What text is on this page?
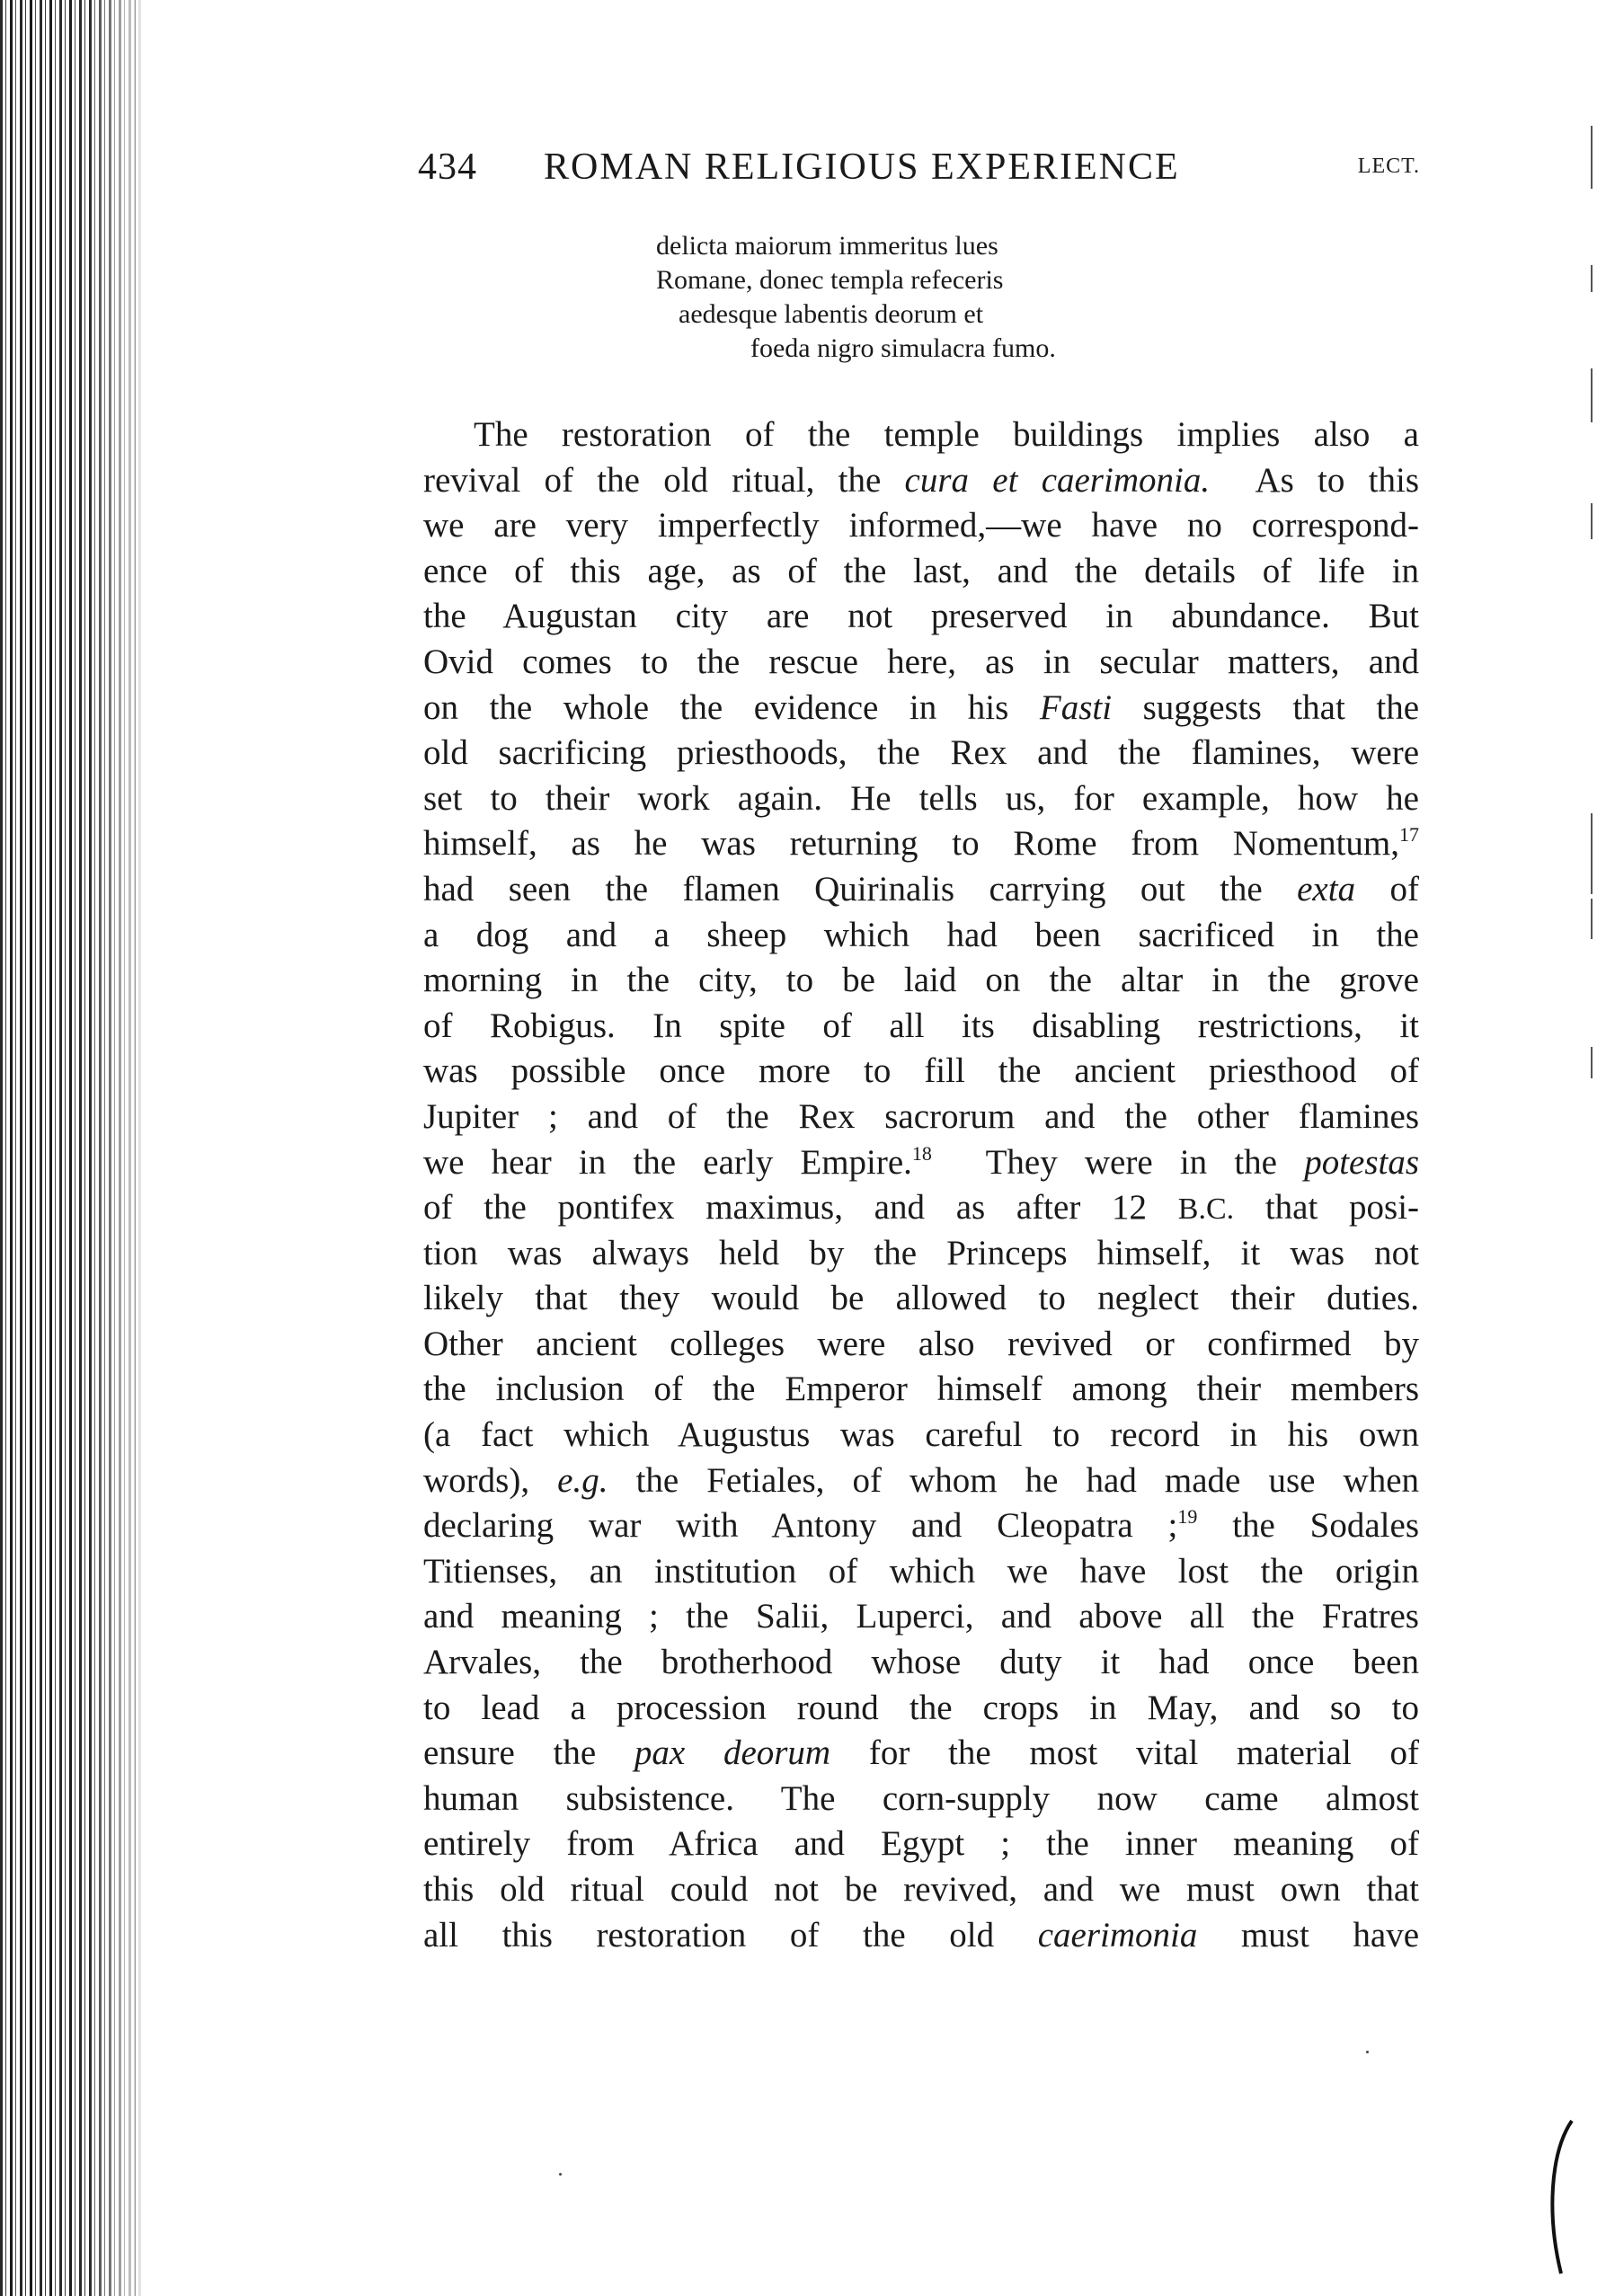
434 ROMAN RELIGIOUS EXPERIENCE	LECT.
delicta maiorum immeritus lues
Romane, donec templa refeceris
aedesque labentis deorum et
foeda nigro simulacra fumo.
The restoration of the temple buildings implies also a
revival of the old ritual, the cura et caerimonia. As to this
we are very imperfectly informed,—we have no correspond-
ence of this age, as of the last, and the details of life in
the Augustan city are not preserved in abundance. But
Ovid comes to the rescue here, as in secular matters, and
on the whole the evidence in his Fasti suggests that the
old sacrificing priesthoods, the Rex and the flamines, were
set to their work again. He tells us, for example, how he
himself, as he was returning to Rome from Nomentum,$^{17}$
had seen the flamen Quirinalis carrying out the exta of
a dog and a sheep which had been sacrificed in the
morning in the city, to be laid on the altar in the grove
of Robigus. In spite of all its disabling restrictions, it
was possible once more to fill the ancient priesthood of
Jupiter ; and of the Rex sacrorum and the other flamines
we hear in the early Empire.$^{18}$ They were in the potestas
of the pontifex maximus, and as after 12 B.C. that posi-
tion was always held by the Princeps himself, it was not
likely that they would be allowed to neglect their duties.
Other ancient colleges were also revived or confirmed by
the inclusion of the Emperor himself among their members
(a fact which Augustus was careful to record in his own
words), e.g. the Fetiales, of whom he had made use when
declaring war with Antony and Cleopatra ;$^{19}$ the Sodales
Titienses, an institution of which we have lost the origin
and meaning ; the Salii, Luperci, and above all the Fratres
Arvales, the brotherhood whose duty it had once been
to lead a procession round the crops in May, and so to
ensure the pax deorum for the most vital material of
human subsistence. The corn-supply now came almost
entirely from Africa and Egypt ; the inner meaning of
this old ritual could not be revived, and we must own that
all this restoration of the old caerimonia must have
